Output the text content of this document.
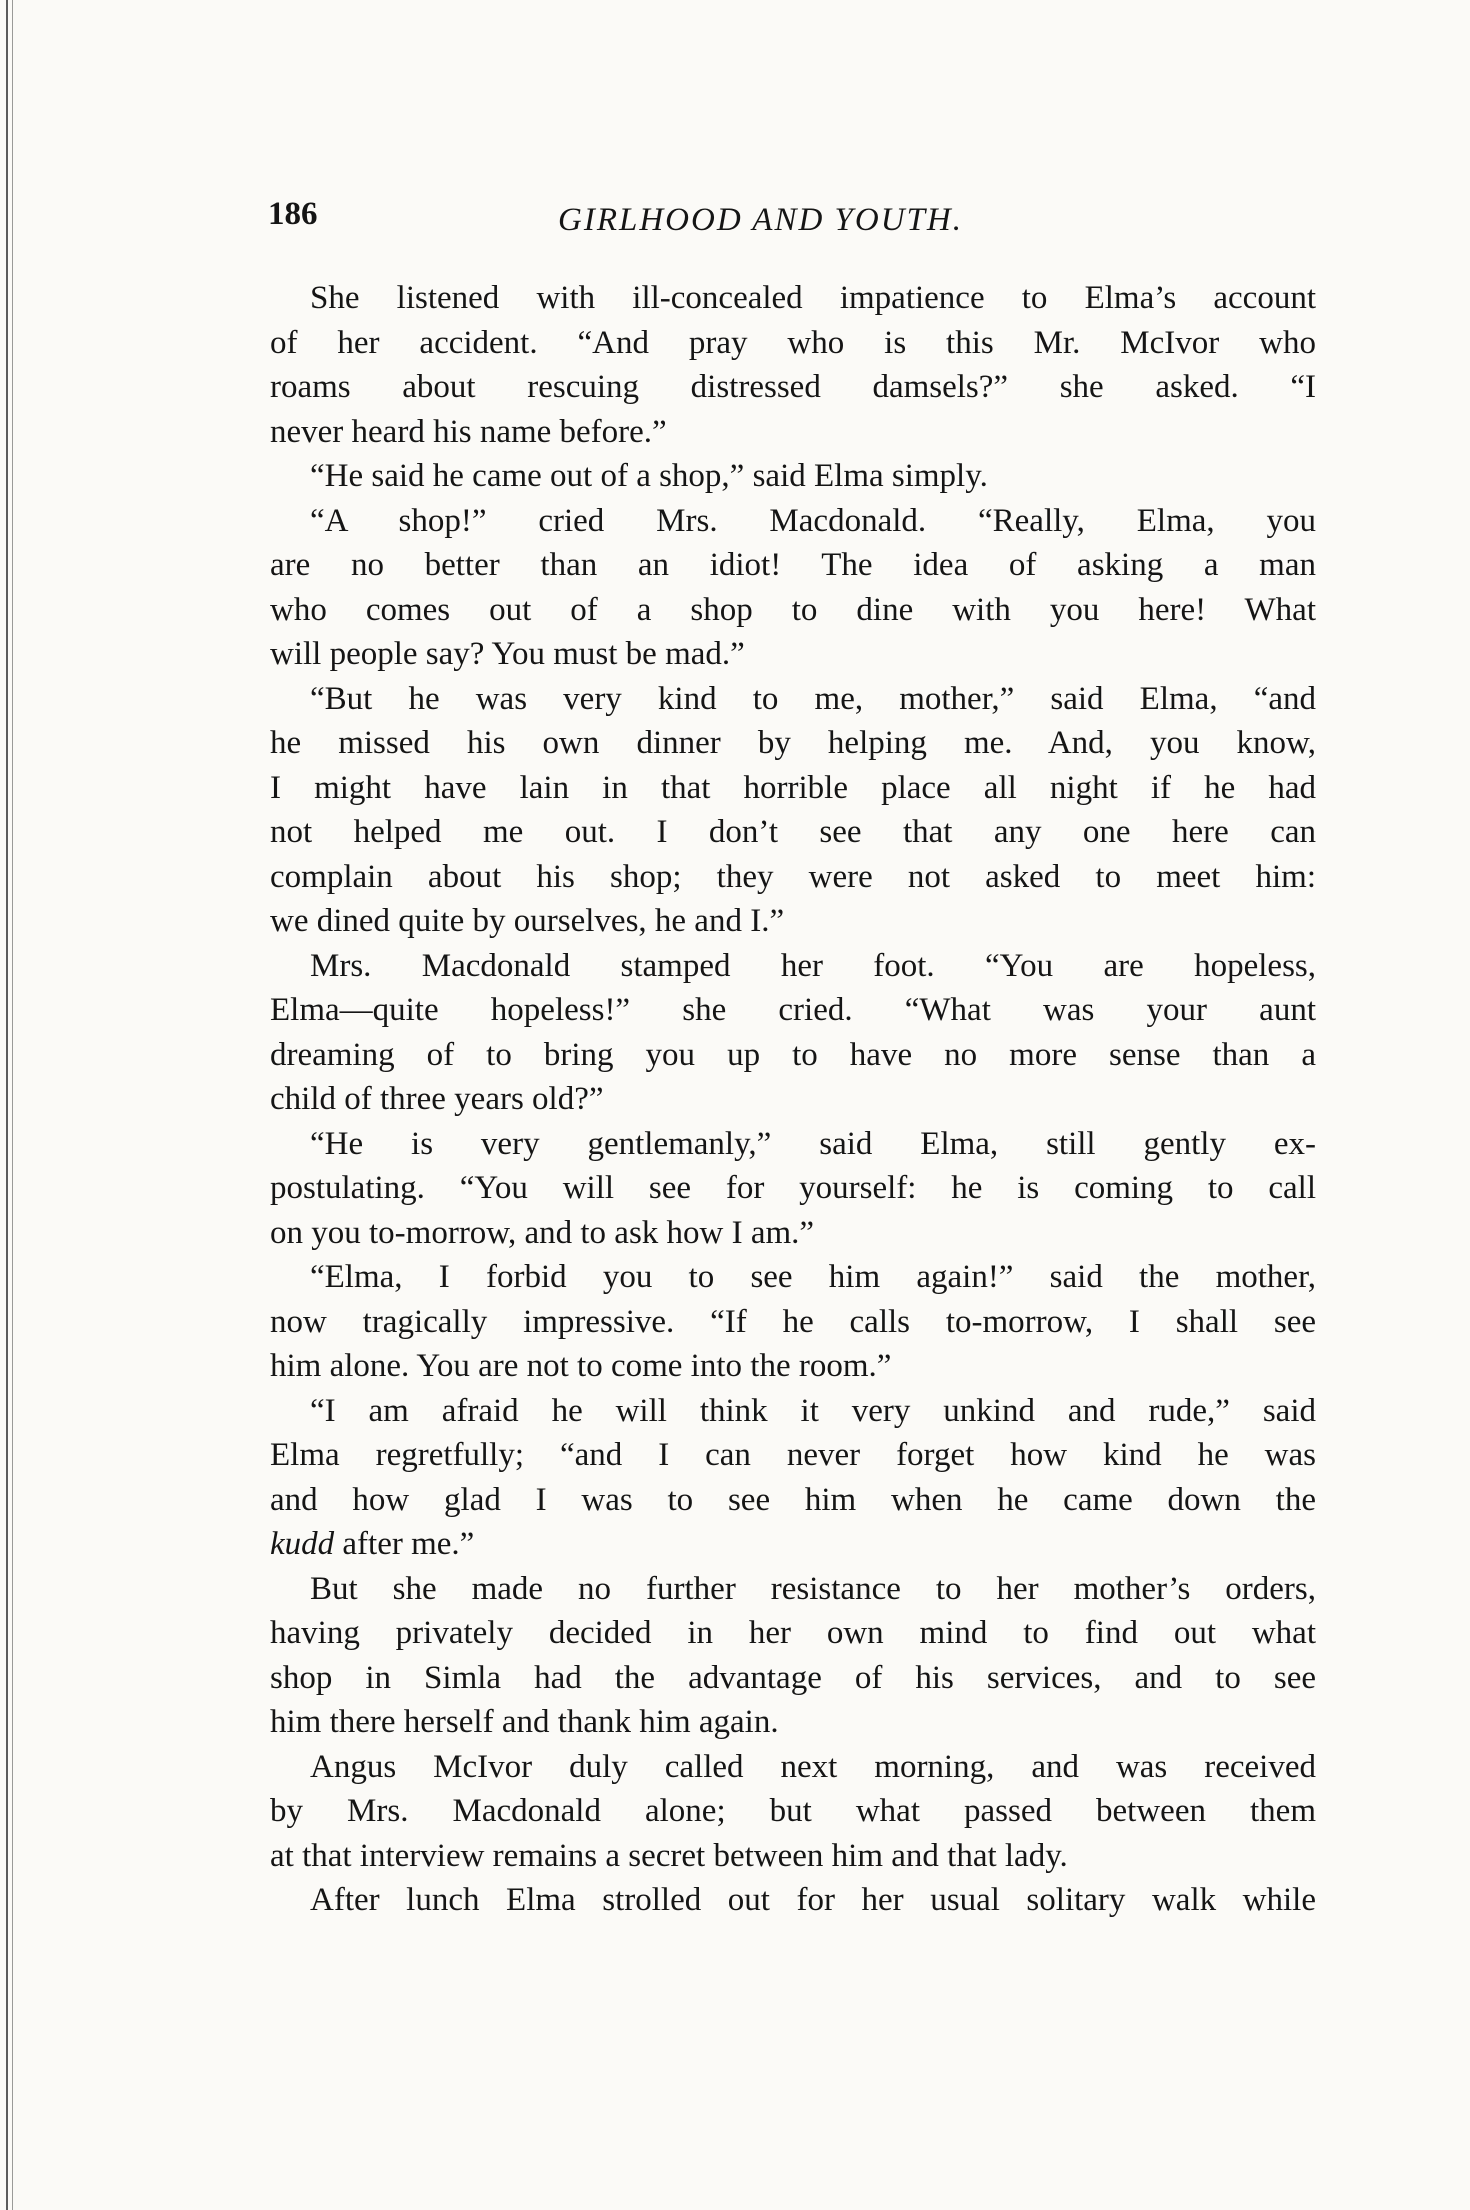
186	GIRLHOOD AND YOUTH.
She listened with ill-concealed impatience to Elma’s account
of her accident. “And pray who is this Mr. McIvor who
roams about rescuing distressed damsels?” she asked. “I
never heard his name before.”
“He said he came out of a shop,” said Elma simply.
“A shop!” cried Mrs. Macdonald. “Really, Elma, you
are no better than an idiot! The idea of asking a man
who comes out of a shop to dine with you here! What
will people say? You must be mad.”
“But he was very kind to me, mother,” said Elma, “and
he missed his own dinner by helping me. And, you know,
I might have lain in that horrible place all night if he had
not helped me out. I don’t see that any one here can
complain about his shop; they were not asked to meet him:
we dined quite by ourselves, he and I.”
Mrs. Macdonald stamped her foot. “You are hopeless,
Elma—quite hopeless!” she cried. “What was your aunt
dreaming of to bring you up to have no more sense than a
child of three years old?”
“He is very gentlemanly,” said Elma, still gently ex-
postulating. “You will see for yourself: he is coming to call
on you to-morrow, and to ask how I am.”
“Elma, I forbid you to see him again!” said the mother,
now tragically impressive. “If he calls to-morrow, I shall see
him alone. You are not to come into the room.”
“I am afraid he will think it very unkind and rude,” said
Elma regretfully; “and I can never forget how kind he was
and how glad I was to see him when he came down the
kudd after me.”
But she made no further resistance to her mother’s orders,
having privately decided in her own mind to find out what
shop in Simla had the advantage of his services, and to see
him there herself and thank him again.
Angus McIvor duly called next morning, and was received
by Mrs. Macdonald alone; but what passed between them
at that interview remains a secret between him and that lady.
After lunch Elma strolled out for her usual solitary walk while
